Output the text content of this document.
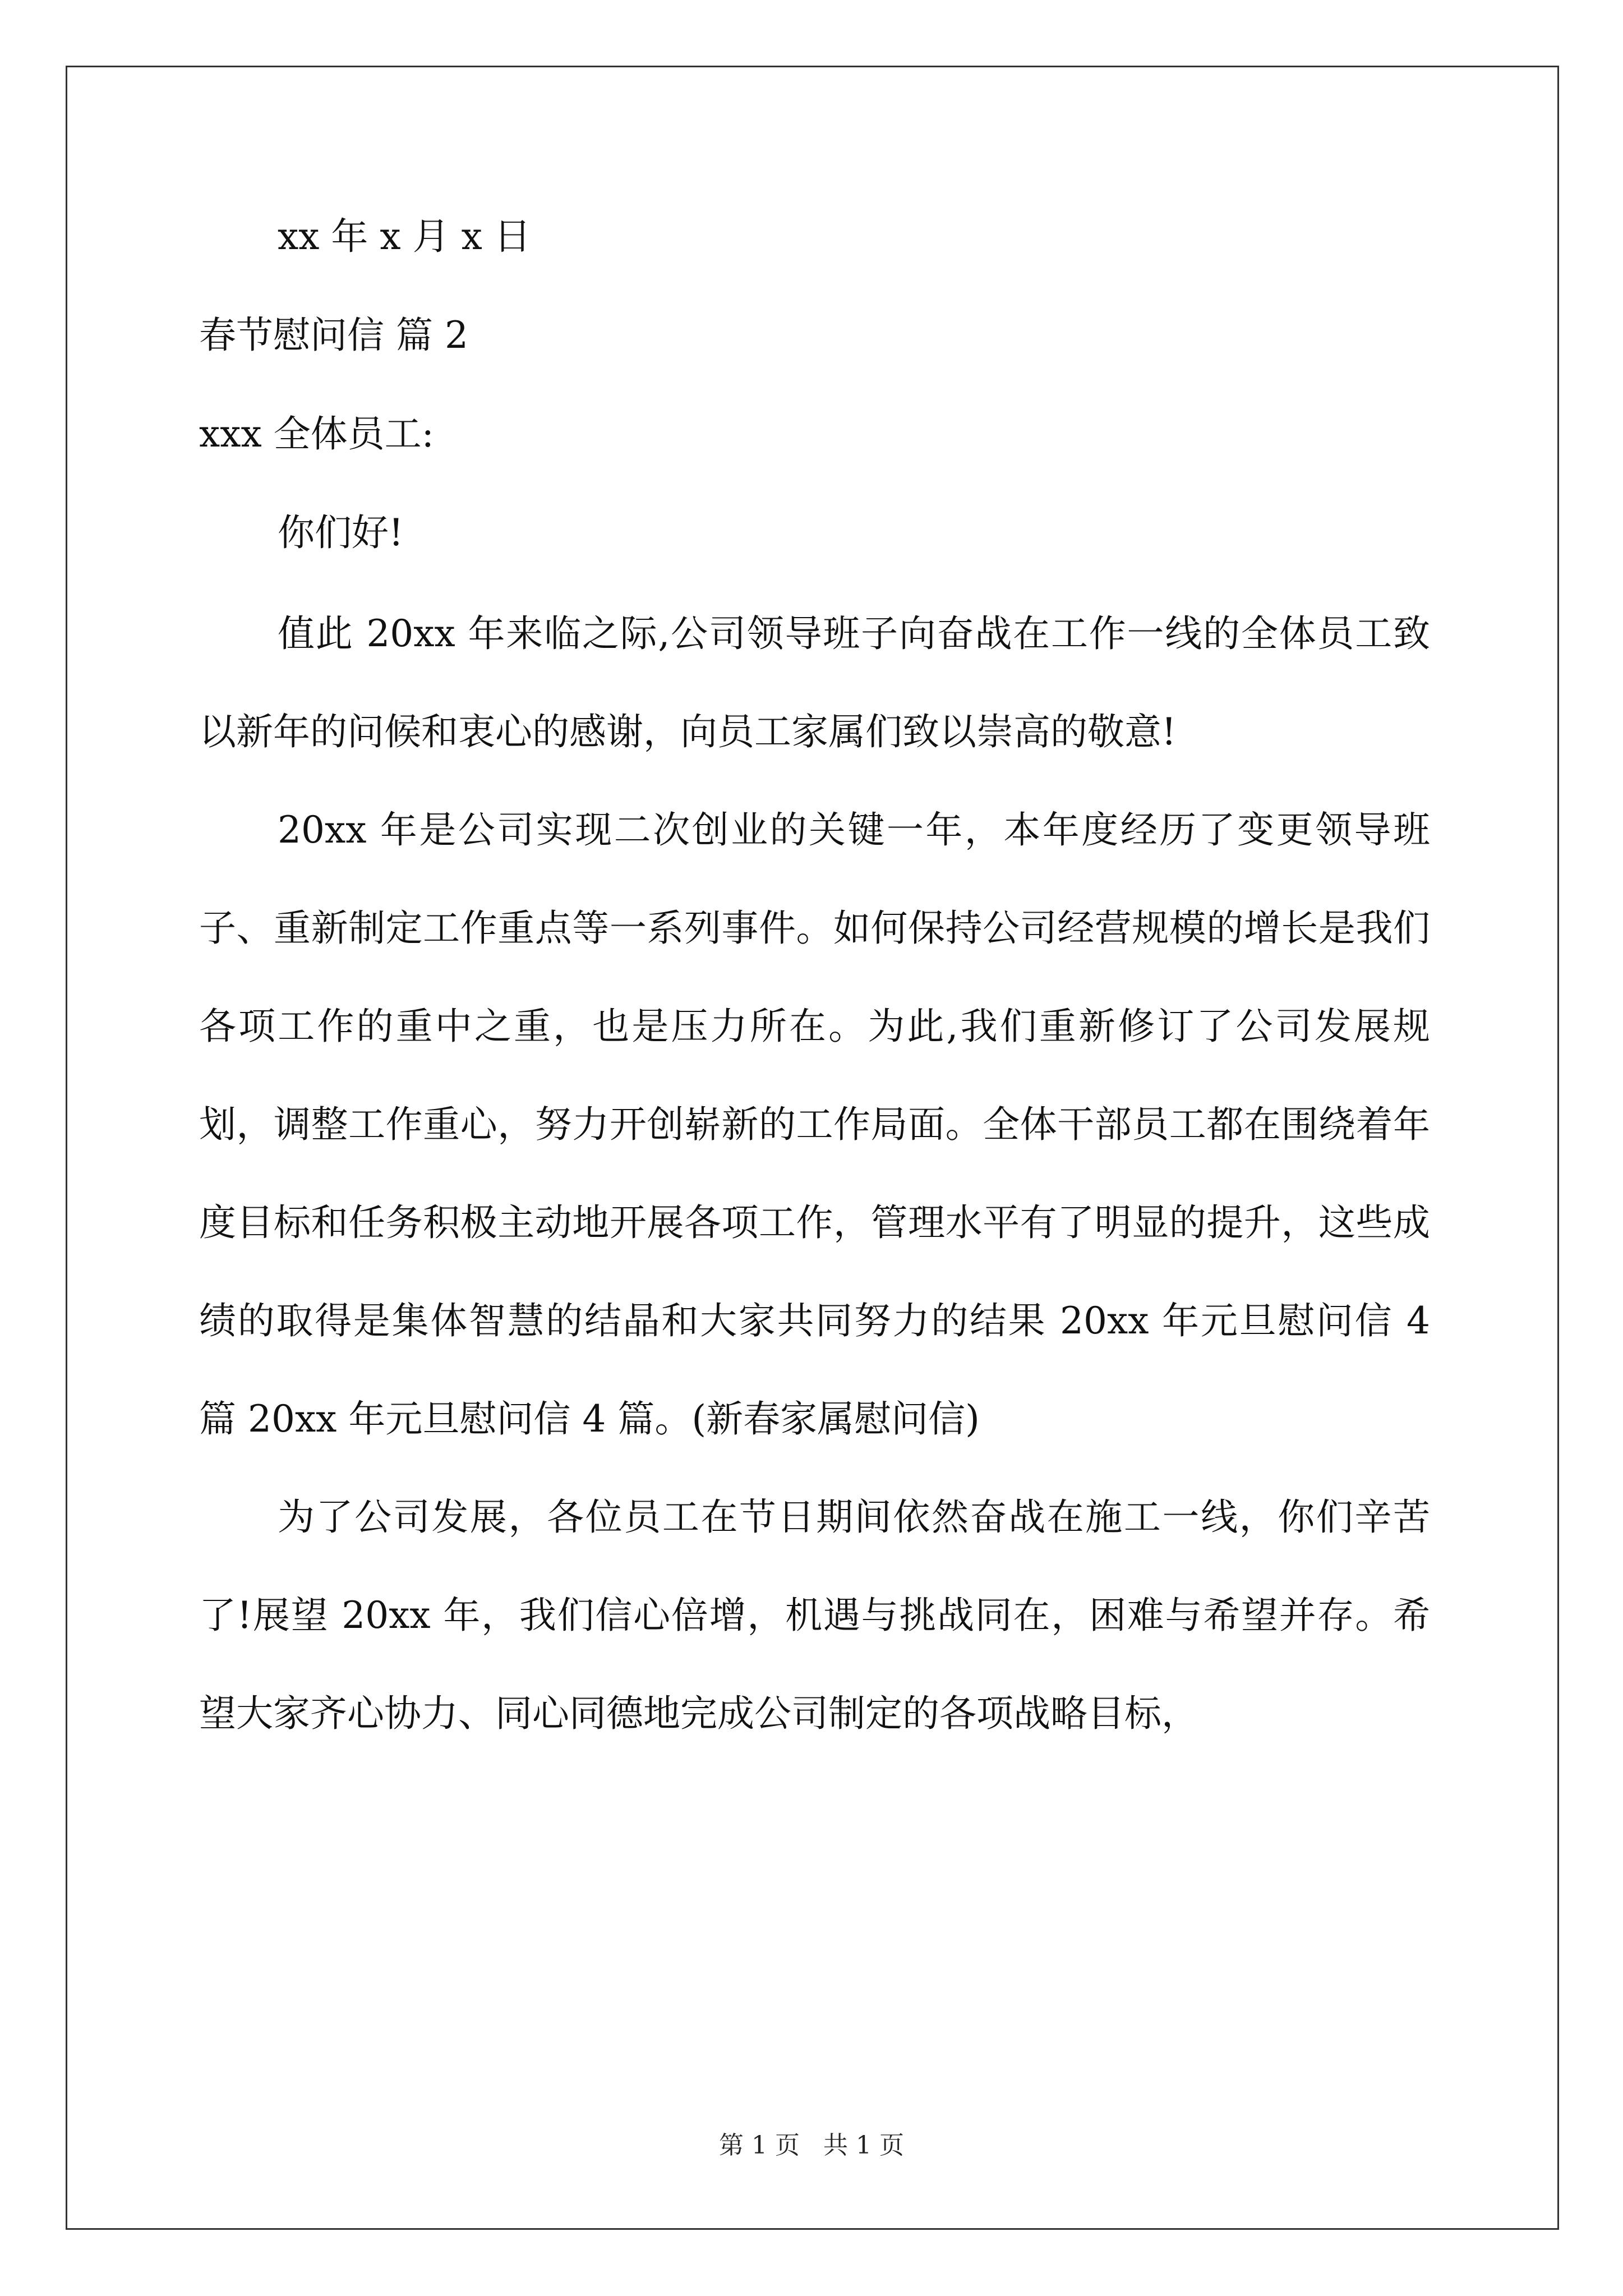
xx 年 x 月 x 日

春节慰问信 篇 2

xxx 全体员工:

你们好!

值此 20xx 年来临之际,公司领导班子向奋战在工作一线的全体员工致以新年的问候和衷心的感谢，向员工家属们致以崇高的敬意!

20xx 年是公司实现二次创业的关键一年，本年度经历了变更领导班子、重新制定工作重点等一系列事件。如何保持公司经营规模的增长是我们各项工作的重中之重，也是压力所在。为此,我们重新修订了公司发展规划，调整工作重心，努力开创崭新的工作局面。全体干部员工都在围绕着年度目标和任务积极主动地开展各项工作，管理水平有了明显的提升，这些成绩的取得是集体智慧的结晶和大家共同努力的结果 20xx 年元旦慰问信 4 篇 20xx 年元旦慰问信 4 篇。(新春家属慰问信)

为了公司发展，各位员工在节日期间依然奋战在施工一线，你们辛苦了!展望 20xx 年，我们信心倍增，机遇与挑战同在，困难与希望并存。希望大家齐心协力、同心同德地完成公司制定的各项战略目标，

第 1 页   共 1 页
